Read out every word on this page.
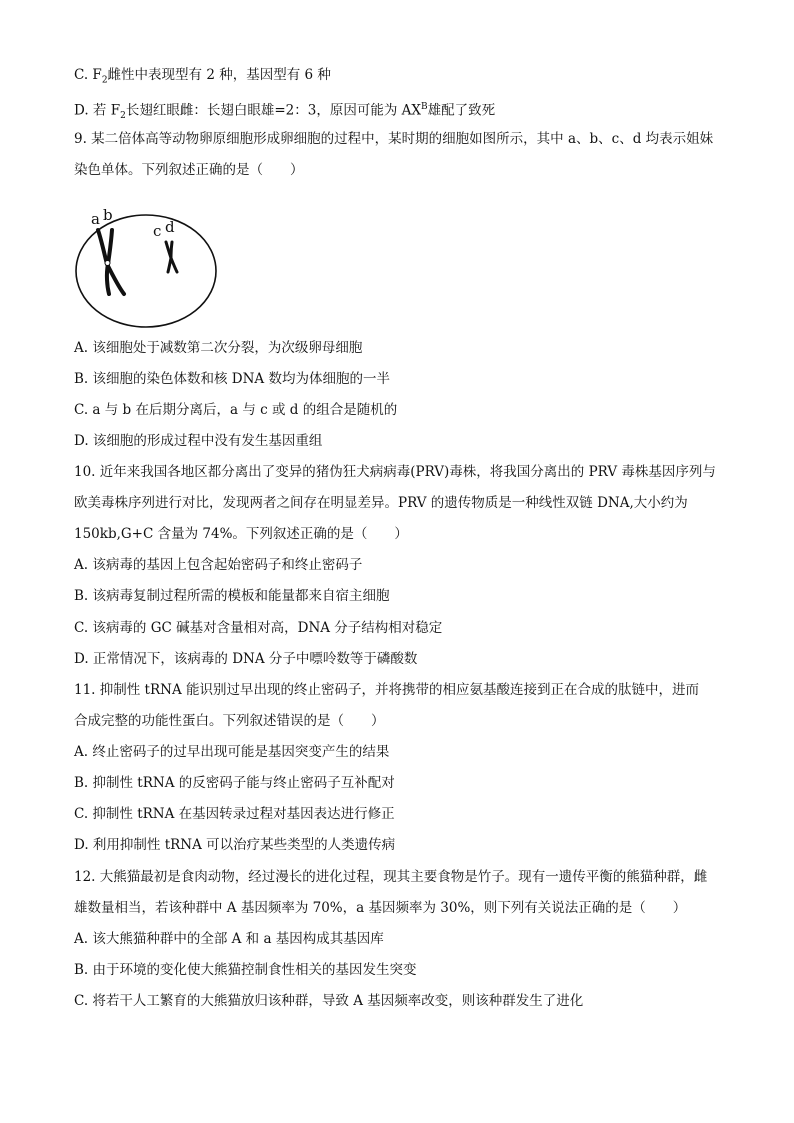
C. $F_2$雌性中表现型有 2 种，基因型有 6 种
D. 若 $F_2$长翅红眼雌：长翅白眼雄=2：3，原因可能为 $AX^B$雄配了致死
9. 某二倍体高等动物卵原细胞形成卵细胞的过程中，某时期的细胞如图所示，其中 a、b、c、d 均表示姐妹
染色单体。下列叙述正确的是（　　）
a b
c d
A. 该细胞处于减数第二次分裂，为次级卵母细胞
B. 该细胞的染色体数和核 DNA 数均为体细胞的一半
C. a 与 b 在后期分离后，a 与 c 或 d 的组合是随机的
D. 该细胞的形成过程中没有发生基因重组
10. 近年来我国各地区都分离出了变异的猪伪狂犬病病毒(PRV)毒株，将我国分离出的 PRV 毒株基因序列与
欧美毒株序列进行对比，发现两者之间存在明显差异。PRV 的遗传物质是一种线性双链 DNA,大小约为
150kb,G+C 含量为 74%。下列叙述正确的是（　　）
A. 该病毒的基因上包含起始密码子和终止密码子
B. 该病毒复制过程所需的模板和能量都来自宿主细胞
C. 该病毒的 GC 碱基对含量相对高，DNA 分子结构相对稳定
D. 正常情况下，该病毒的 DNA 分子中嘌呤数等于磷酸数
11. 抑制性 tRNA 能识别过早出现的终止密码子，并将携带的相应氨基酸连接到正在合成的肽链中，进而
合成完整的功能性蛋白。下列叙述错误的是（　　）
A. 终止密码子的过早出现可能是基因突变产生的结果
B. 抑制性 tRNA 的反密码子能与终止密码子互补配对
C. 抑制性 tRNA 在基因转录过程对基因表达进行修正
D. 利用抑制性 tRNA 可以治疗某些类型的人类遗传病
12. 大熊猫最初是食肉动物，经过漫长的进化过程，现其主要食物是竹子。现有一遗传平衡的熊猫种群，雌
雄数量相当，若该种群中 A 基因频率为 70%，a 基因频率为 30%，则下列有关说法正确的是（　　）
A. 该大熊猫种群中的全部 A 和 a 基因构成其基因库
B. 由于环境的变化使大熊猫控制食性相关的基因发生突变
C. 将若干人工繁育的大熊猫放归该种群，导致 A 基因频率改变，则该种群发生了进化
